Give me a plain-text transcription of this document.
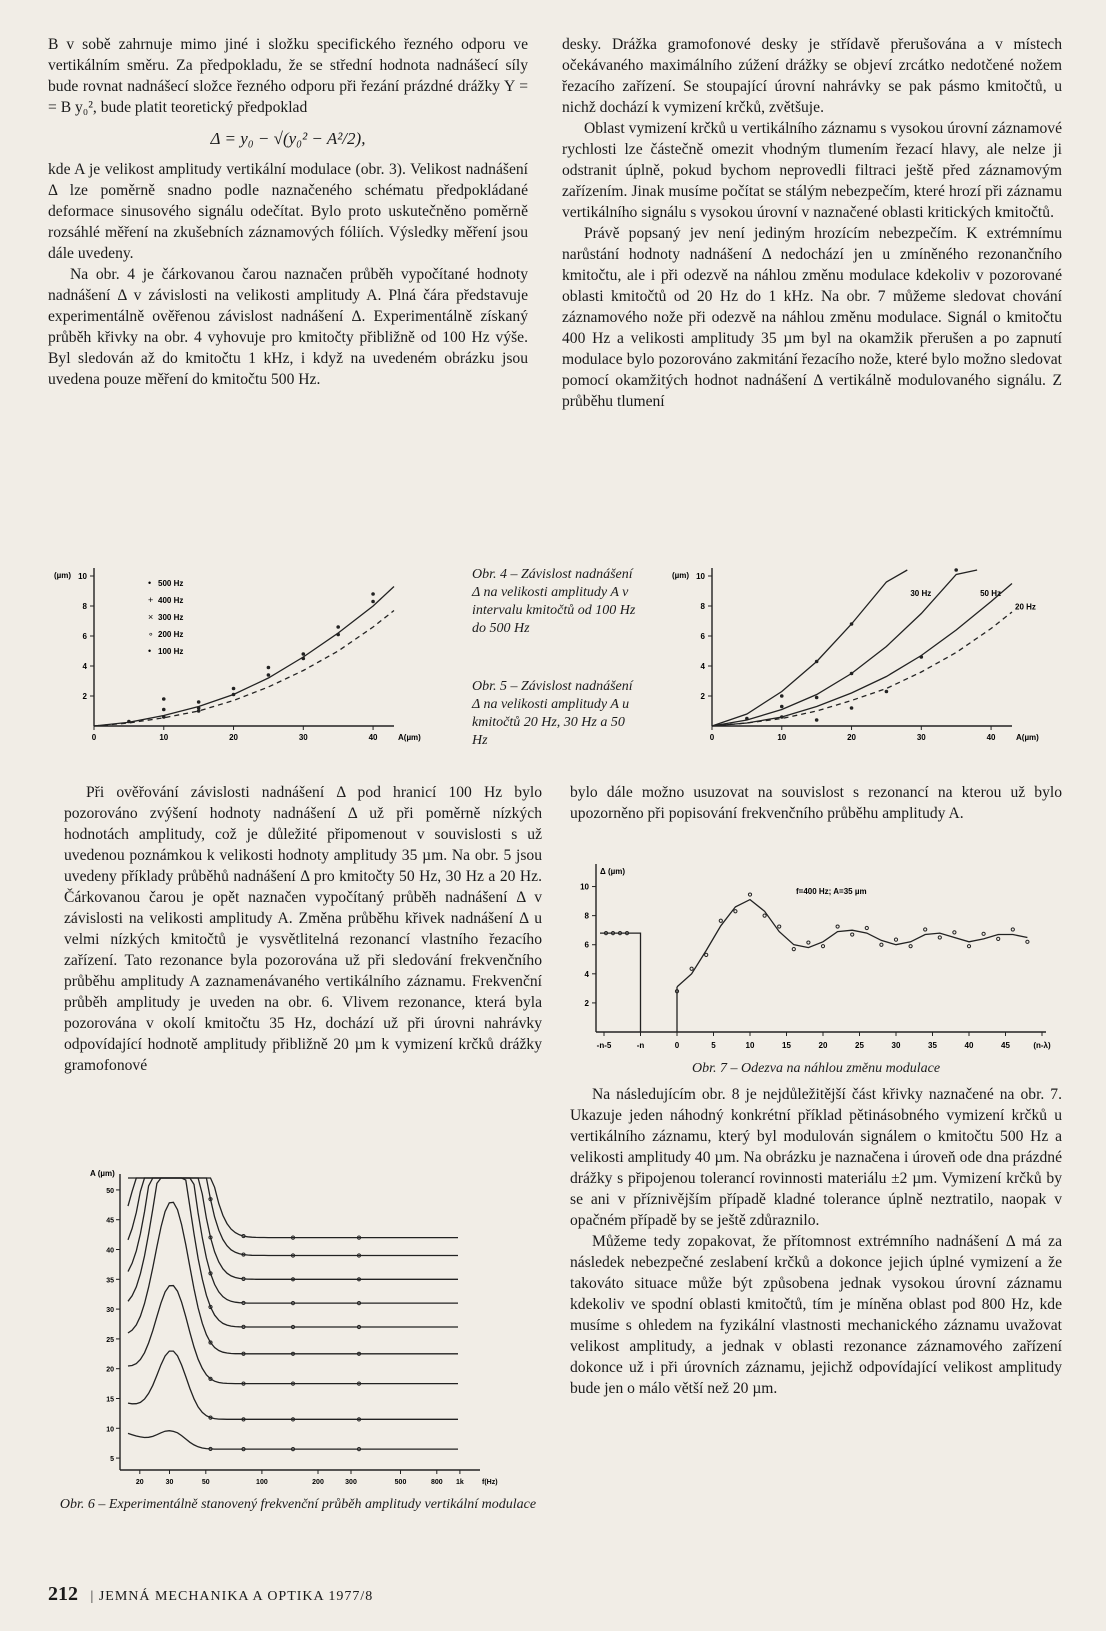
B v sobě zahrnuje mimo jiné i složku specifického řezného odporu ve vertikálním směru. Za předpokladu, že se střední hodnota nadnášecí síly bude rovnat nadnášecí složce řezného odporu při řezání prázdné drážky Y = = B y₀², bude platit teoretický předpoklad

Δ = y₀ − √(y₀² − A²/2),

kde A je velikost amplitudy vertikální modulace (obr. 3). Velikost nadnášení Δ lze poměrně snadno podle naznačeného schématu předpokládané deformace sinusového signálu odečítat. Bylo proto uskutečněno poměrně rozsáhlé měření na zkušebních záznamových fóliích. Výsledky měření jsou dále uvedeny.

Na obr. 4 je čárkovanou čarou naznačen průběh vypočítané hodnoty nadnášení Δ v závislosti na velikosti amplitudy A. Plná čára představuje experimentálně ověřenou závislost nadnášení Δ. Experimentálně získaný průběh křivky na obr. 4 vyhovuje pro kmitočty přibližně od 100 Hz výše. Byl sledován až do kmitočtu 1 kHz, i když na uvedeném obrázku jsou uvedena pouze měření do kmitočtu 500 Hz.

desky. Drážka gramofonové desky je střídavě přerušována a v místech očekávaného maximálního zúžení drážky se objeví zrcátko nedotčené nožem řezacího zařízení. Se stoupající úrovní nahrávky se pak pásmo kmitočtů, u nichž dochází k vymizení krčků, zvětšuje.

Oblast vymizení krčků u vertikálního záznamu s vysokou úrovní záznamové rychlosti lze částečně omezit vhodným tlumením řezací hlavy, ale nelze ji odstranit úplně, pokud bychom neprovedli filtraci ještě před záznamovým zařízením. Jinak musíme počítat se stálým nebezpečím, které hrozí při záznamu vertikálního signálu s vysokou úrovní v naznačené oblasti kritických kmitočtů.

Právě popsaný jev není jediným hrozícím nebezpečím. K extrémnímu narůstání hodnoty nadnášení Δ nedochází jen u zmíněného rezonančního kmitočtu, ale i při odezvě na náhlou změnu modulace kdekoliv v pozorované oblasti kmitočtů od 20 Hz do 1 kHz. Na obr. 7 můžeme sledovat chování záznamového nože při odezvě na náhlou změnu modulace. Signál o kmitočtu 400 Hz a velikosti amplitudy 35 µm byl na okamžik přerušen a po zapnutí modulace bylo pozorováno zakmitání řezacího nože, které bylo možno sledovat pomocí okamžitých hodnot nadnášení Δ vertikálně modulovaného signálu. Z průběhu tlumení

0	10	20	30	40
2
4
6
8
10
A(µm)
(µm)
• 500 Hz
+ 400 Hz
× 300 Hz
∘ 200 Hz
• 100 Hz
Obr. 4 – Závislost nadnášení Δ na velikosti amplitudy A v intervalu kmitočtů od 100 Hz do 500 Hz
Obr. 5 – Závislost nadnášení Δ na velikosti amplitudy A u kmitočtů 20 Hz, 30 Hz a 50 Hz	0	10	20	30	40
2
4
6
8
10
A(µm)
(µm)
30 Hz	50 Hz
20 Hz

Při ověřování závislosti nadnášení Δ pod hranicí 100 Hz bylo pozorováno zvýšení hodnoty nadnášení Δ už při poměrně nízkých hodnotách amplitudy, což je důležité připomenout v souvislosti s už uvedenou poznámkou k velikosti hodnoty amplitudy 35 µm. Na obr. 5 jsou uvedeny příklady průběhů nadnášení Δ pro kmitočty 50 Hz, 30 Hz a 20 Hz. Čárkovanou čarou je opět naznačen vypočítaný průběh nadnášení Δ v závislosti na velikosti amplitudy A. Změna průběhu křivek nadnášení Δ u velmi nízkých kmitočtů je vysvětlitelná rezonancí vlastního řezacího zařízení. Tato rezonance byla pozorována už při sledování frekvenčního průběhu amplitudy A zaznamenávaného vertikálního záznamu. Frekvenční průběh amplitudy je uveden na obr. 6. Vlivem rezonance, která byla pozorována v okolí kmitočtu 35 Hz, dochází už při úrovni nahrávky odpovídající hodnotě amplitudy přibližně 20 µm k vymizení krčků drážky gramofonové

bylo dále možno usuzovat na souvislost s rezonancí na kterou už bylo upozorněno při popisování frekvenčního průběhu amplitudy A.

-n-5	-n	0	5	10	15	20	25	30	35	40	45	(n-λ)
2
4
6
8
10
Δ (µm)
f=400 Hz; A=35 µm
Obr. 7 – Odezva na náhlou změnu modulace

Na následujícím obr. 8 je nejdůležitější část křivky naznačené na obr. 7. Ukazuje jeden náhodný konkrétní příklad pětinásobného vymizení krčků u vertikálního záznamu, který byl modulován signálem o kmitočtu 500 Hz a velikosti amplitudy 40 µm. Na obrázku je naznačena i úroveň ode dna prázdné drážky s připojenou tolerancí rovinnosti materiálu ±2 µm. Vymizení krčků by se ani v příznivějším případě kladné tolerance úplně neztratilo, naopak v opačném případě by se ještě zdůraznilo.

Můžeme tedy zopakovat, že přítomnost extrémního nadnášení Δ má za následek nebezpečné zeslabení krčků a dokonce jejich úplné vymizení a že takováto situace může být způsobena jednak vysokou úrovní záznamu kdekoliv ve spodní oblasti kmitočtů, tím je míněna oblast pod 800 Hz, kde musíme s ohledem na fyzikální vlastnosti mechanického záznamu uvažovat velikost amplitudy, a jednak v oblasti rezonance záznamového zařízení dokonce už i při úrovních záznamu, jejichž odpovídající velikost amplitudy bude jen o málo větší než 20 µm.

20	30	50	100	200	300	500	800 1k	f(Hz)
5
10
15
20
25
30
35
40
45
50
A (µm)
Obr. 6 – Experimentálně stanovený frekvenční průběh amplitudy vertikální modulace
212 | JEMNÁ MECHANIKA A OPTIKA 1977/8
